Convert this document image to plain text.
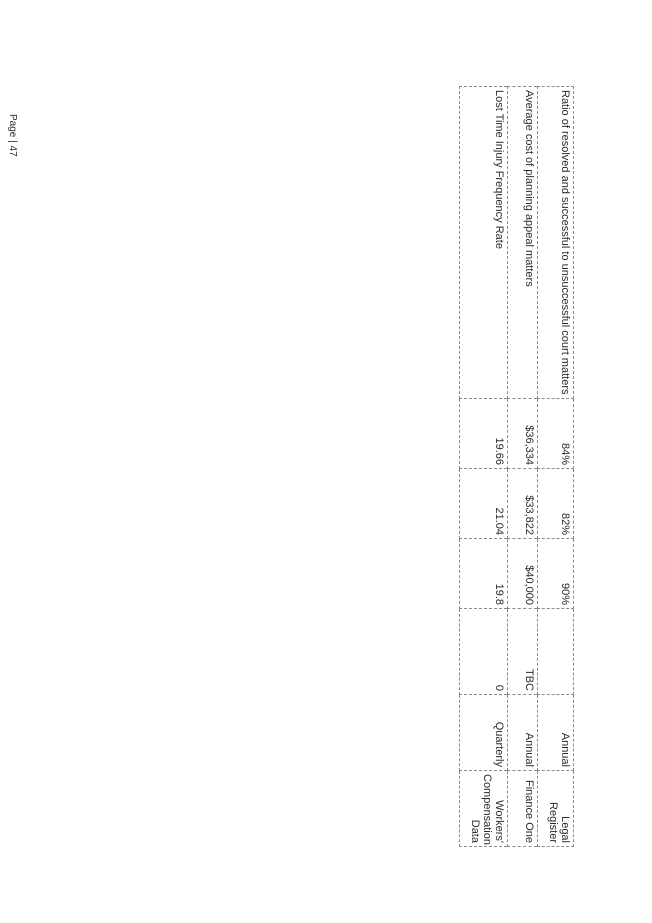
Page | 47	Ratio of resolved and successful to unsuccessful court matters	84%	82%	90%		Annual	Legal Register
Average cost of planning appeal matters	$36,334	$33,822	$40,000	TBC	Annual	Finance One
Lost Time Injury Frequency Rate	19.66	21.04	19.8	0	Quarterly	Workers' Compensation Data
